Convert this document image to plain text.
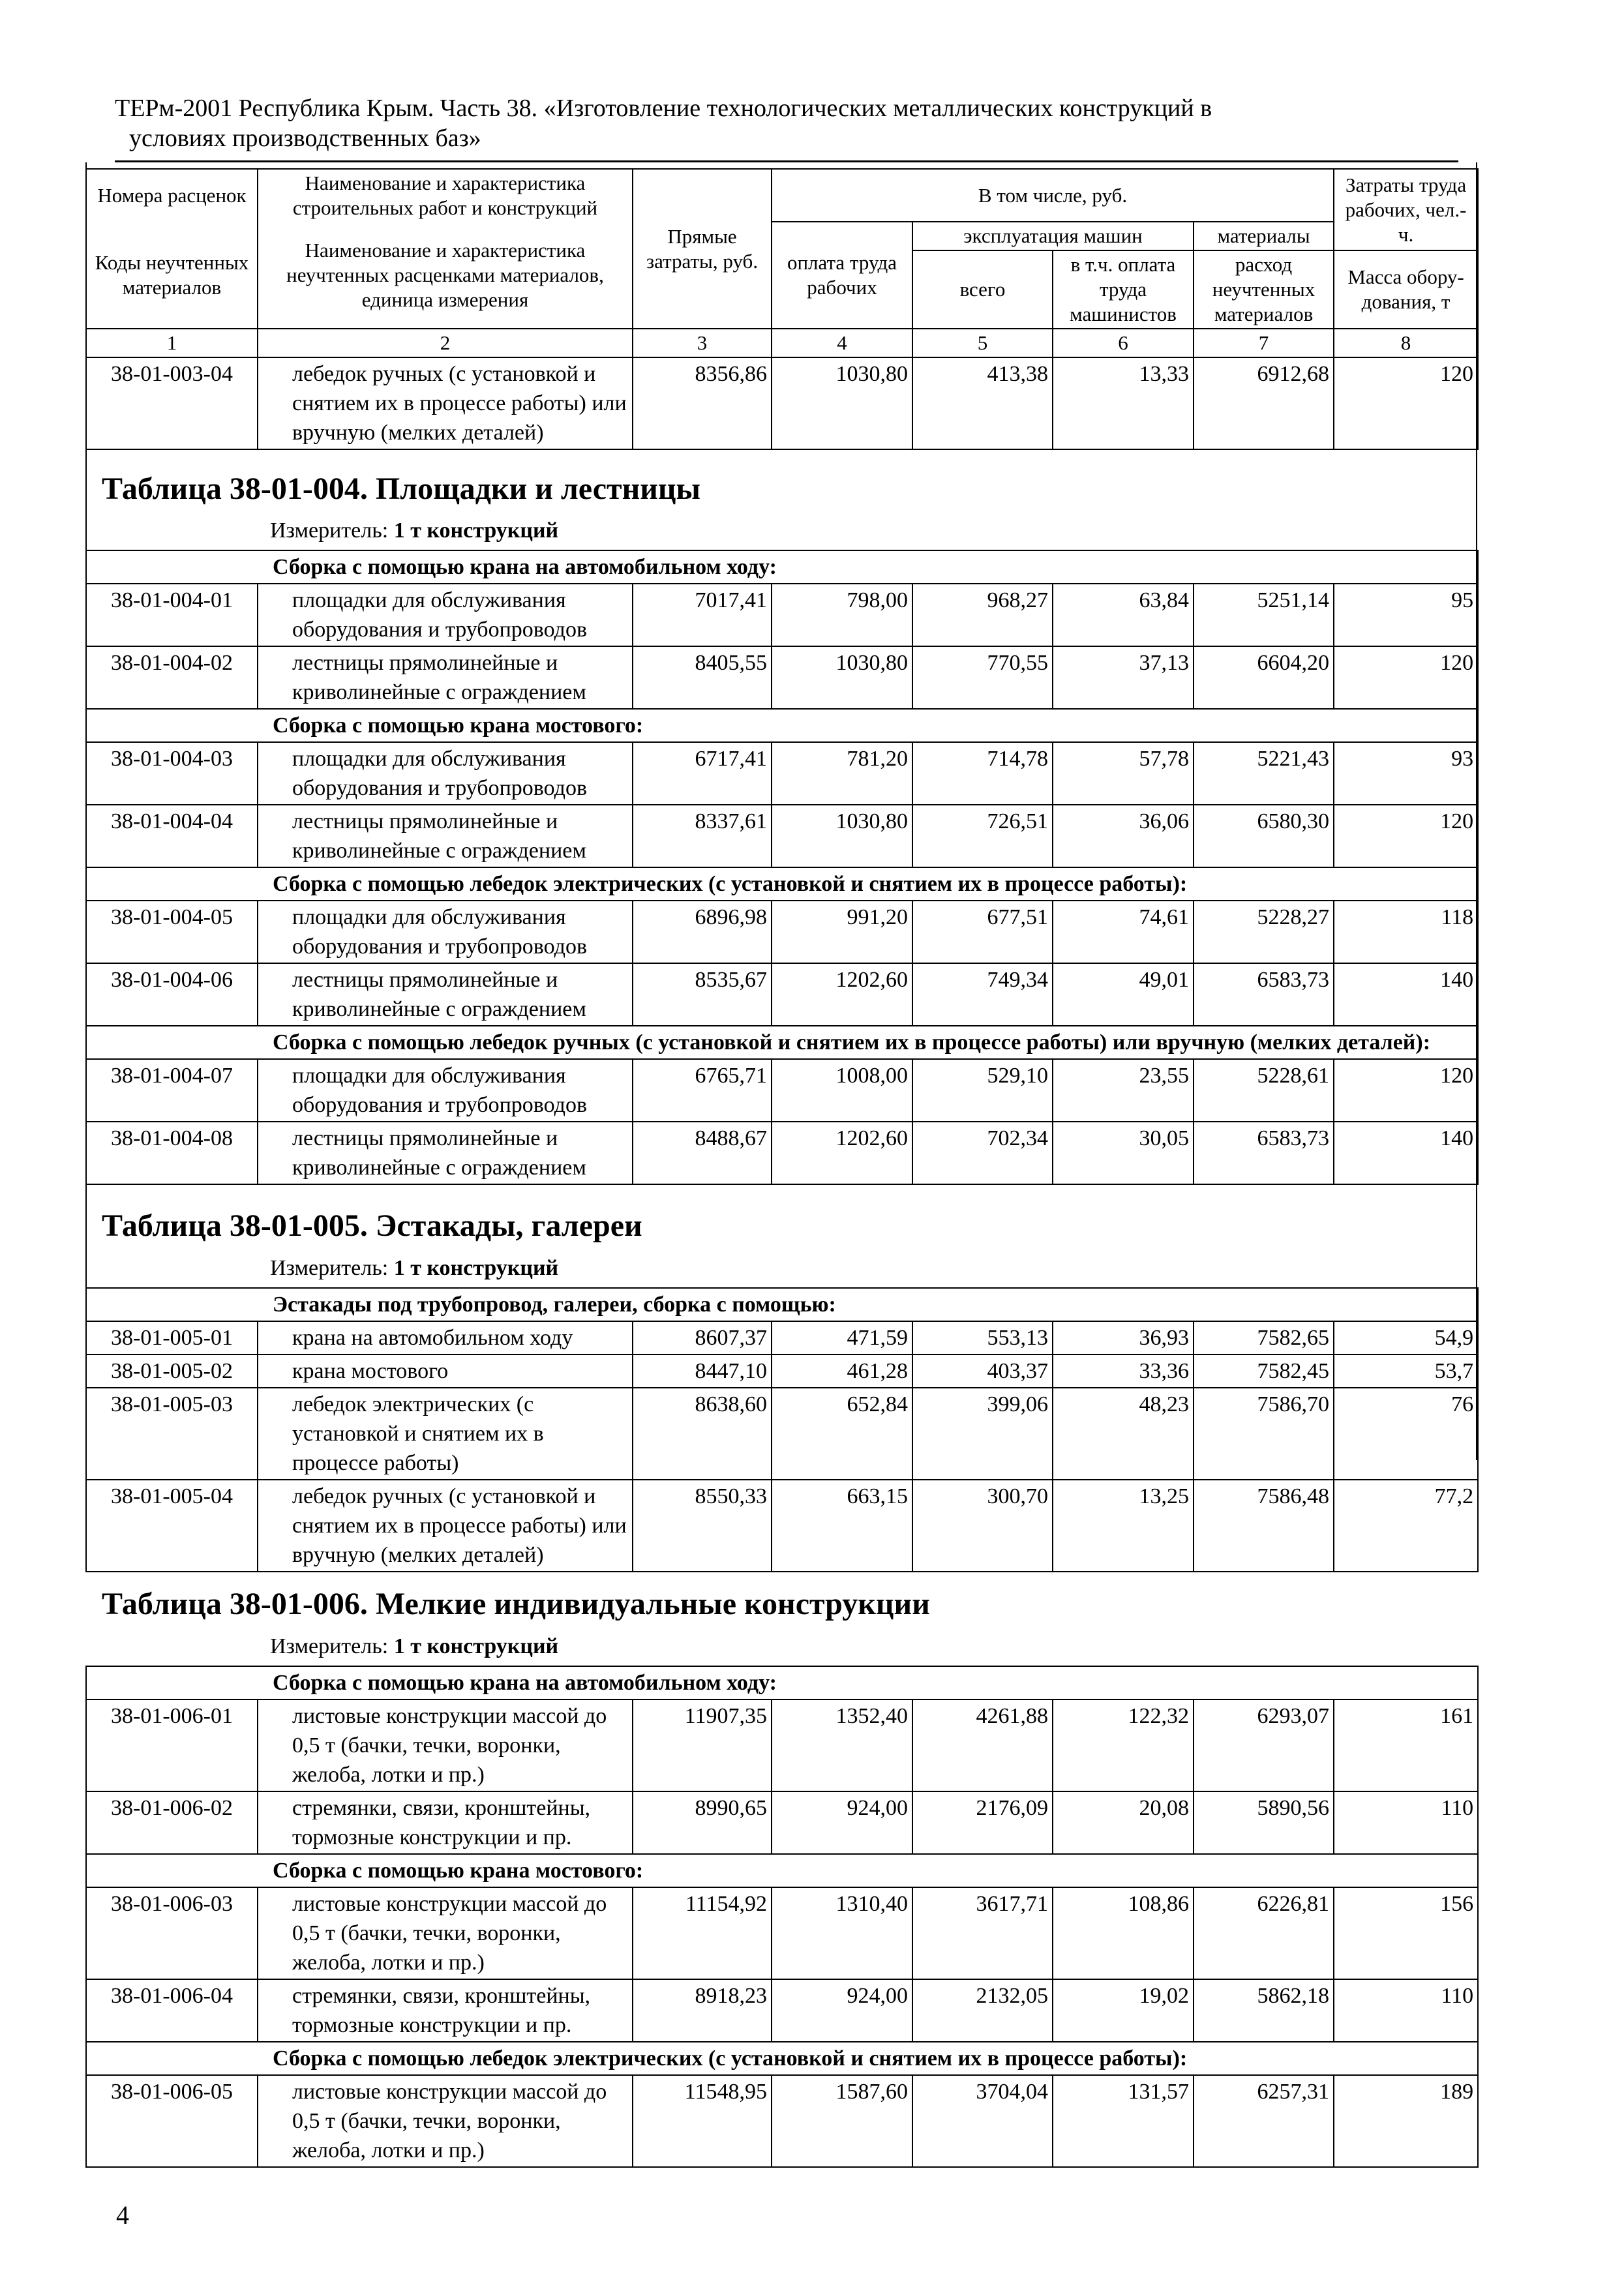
ТЕРм-2001 Республика Крым. Часть 38. «Изготовление технологических металлических конструкций в
условиях производственных баз»
Номера расценок	Наименование и характеристика строительных работ и конструкций	Прямые затраты, руб.	В том числе, руб.				Затраты труда рабочих, чел.-ч.
Коды неучтенных материалов	Наименование и характеристика неучтенных расценками материалов, единица измерения		оплата труда рабочих	эксплуатация машин		материалы	
				всего	в т.ч. оплата труда машинистов	расход неучтенных материалов	Масса обору-дования, т
1	2	3	4	5	6	7	8
38-01-003-04	лебедок ручных (с установкой и снятием их в процессе работы) или вручную (мелких деталей)	8356,86	1030,80	413,38	13,33	6912,68	120
Таблица 38-01-004. Площадки и лестницы
Измеритель: 1 т конструкций
Сборка с помощью крана на автомобильном ходу:							
38-01-004-01	площадки для обслуживания оборудования и трубопроводов	7017,41	798,00	968,27	63,84	5251,14	95
38-01-004-02	лестницы прямолинейные и криволинейные с ограждением	8405,55	1030,80	770,55	37,13	6604,20	120
Сборка с помощью крана мостового:							
38-01-004-03	площадки для обслуживания оборудования и трубопроводов	6717,41	781,20	714,78	57,78	5221,43	93
38-01-004-04	лестницы прямолинейные и криволинейные с ограждением	8337,61	1030,80	726,51	36,06	6580,30	120
Сборка с помощью лебедок электрических (с установкой и снятием их в процессе работы):							
38-01-004-05	площадки для обслуживания оборудования и трубопроводов	6896,98	991,20	677,51	74,61	5228,27	118
38-01-004-06	лестницы прямолинейные и криволинейные с ограждением	8535,67	1202,60	749,34	49,01	6583,73	140
Сборка с помощью лебедок ручных (с установкой и снятием их в процессе работы) или вручную (мелких деталей):							
38-01-004-07	площадки для обслуживания оборудования и трубопроводов	6765,71	1008,00	529,10	23,55	5228,61	120
38-01-004-08	лестницы прямолинейные и криволинейные с ограждением	8488,67	1202,60	702,34	30,05	6583,73	140
Таблица 38-01-005. Эстакады, галереи
Измеритель: 1 т конструкций
Эстакады под трубопровод, галереи, сборка с помощью:							
38-01-005-01	крана на автомобильном ходу	8607,37	471,59	553,13	36,93	7582,65	54,9
38-01-005-02	крана мостового	8447,10	461,28	403,37	33,36	7582,45	53,7
38-01-005-03	лебедок электрических (с установкой и снятием их в процессе работы)	8638,60	652,84	399,06	48,23	7586,70	76
38-01-005-04	лебедок ручных (с установкой и снятием их в процессе работы) или вручную (мелких деталей)	8550,33	663,15	300,70	13,25	7586,48	77,2
Таблица 38-01-006. Мелкие индивидуальные конструкции
Измеритель: 1 т конструкций
Сборка с помощью крана на автомобильном ходу:							
38-01-006-01	листовые конструкции массой до 0,5 т (бачки, течки, воронки, желоба, лотки и пр.)	11907,35	1352,40	4261,88	122,32	6293,07	161
38-01-006-02	стремянки, связи, кронштейны, тормозные конструкции и пр.	8990,65	924,00	2176,09	20,08	5890,56	110
Сборка с помощью крана мостового:							
38-01-006-03	листовые конструкции массой до 0,5 т (бачки, течки, воронки, желоба, лотки и пр.)	11154,92	1310,40	3617,71	108,86	6226,81	156
38-01-006-04	стремянки, связи, кронштейны, тормозные конструкции и пр.	8918,23	924,00	2132,05	19,02	5862,18	110
Сборка с помощью лебедок электрических (с установкой и снятием их в процессе работы):							
38-01-006-05	листовые конструкции массой до 0,5 т (бачки, течки, воронки, желоба, лотки и пр.)	11548,95	1587,60	3704,04	131,57	6257,31	189
4
